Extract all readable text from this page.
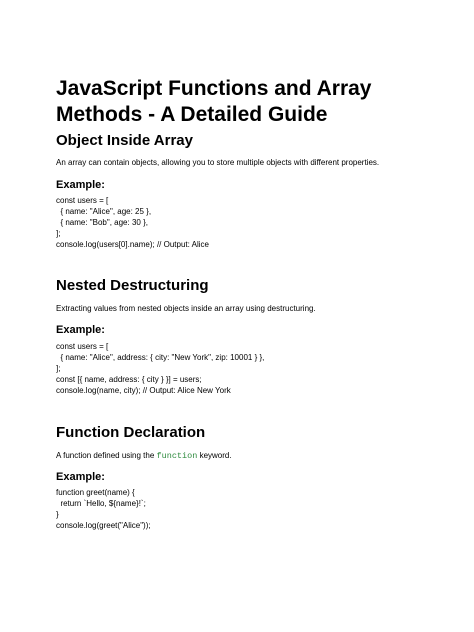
JavaScript Functions and Array Methods - A Detailed Guide
Object Inside Array

An array can contain objects, allowing you to store multiple objects with different properties.

Example:
const users = [
{ name: "Alice", age: 25 },
{ name: "Bob", age: 30 },
];
console.log(users[0].name); // Output: Alice
Nested Destructuring

Extracting values from nested objects inside an array using destructuring.

Example:
const users = [
{ name: "Alice", address: { city: "New York", zip: 10001 } },
];
const [{ name, address: { city } }] = users;
console.log(name, city); // Output: Alice New York
Function Declaration

A function defined using the function keyword.

Example:
function greet(name) {
return `Hello, ${name}!`;
}
console.log(greet("Alice"));
